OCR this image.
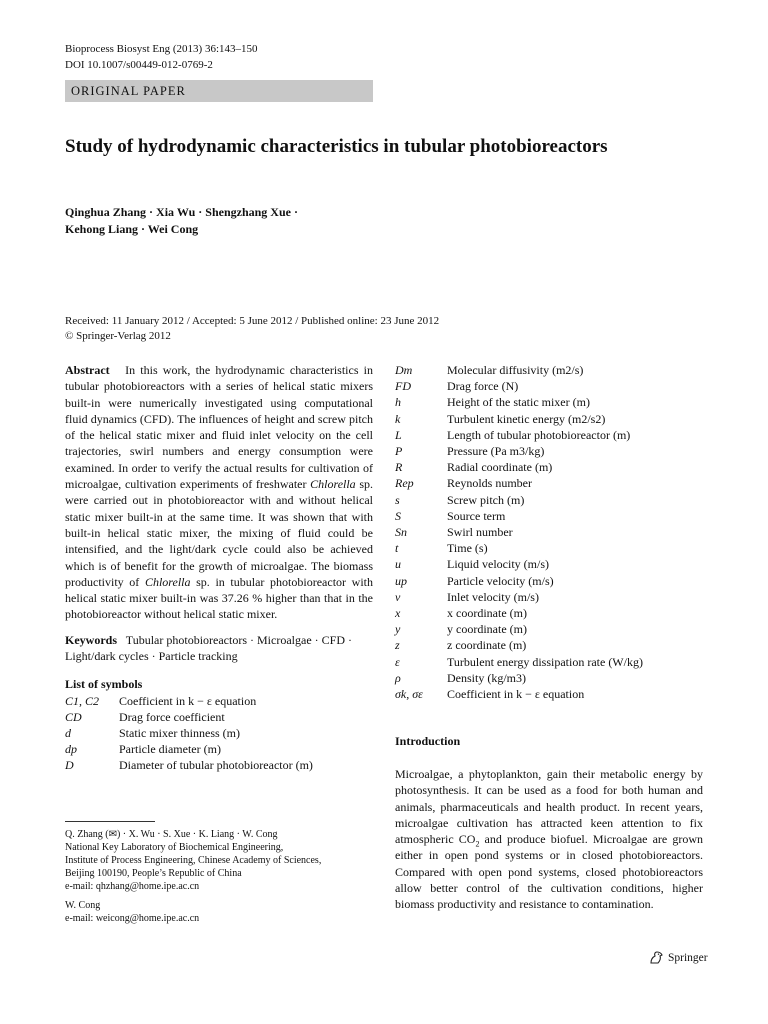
Bioprocess Biosyst Eng (2013) 36:143–150
DOI 10.1007/s00449-012-0769-2
ORIGINAL PAPER
Study of hydrodynamic characteristics in tubular photobioreactors
Qinghua Zhang · Xia Wu · Shengzhang Xue ·
Kehong Liang · Wei Cong
Received: 11 January 2012 / Accepted: 5 June 2012 / Published online: 23 June 2012
© Springer-Verlag 2012

Abstract In this work, the hydrodynamic characteristics in tubular photobioreactors with a series of helical static mixers built-in were numerically investigated using computational fluid dynamics (CFD). The influences of height and screw pitch of the helical static mixer and fluid inlet velocity on the cell trajectories, swirl numbers and energy consumption were examined. In order to verify the actual results for cultivation of microalgae, cultivation experiments of freshwater Chlorella sp. were carried out in photobioreactor with and without helical static mixer built-in at the same time. It was shown that with built-in helical static mixer, the mixing of fluid could be intensified, and the light/dark cycle could also be achieved which is of benefit for the growth of microalgae. The biomass productivity of Chlorella sp. in tubular photobioreactor with helical static mixer built-in was 37.26 % higher than that in the photobioreactor without helical static mixer.

Keywords Tubular photobioreactors · Microalgae · CFD · Light/dark cycles · Particle tracking

List of symbols
C1, C2	Coefficient in k − ε equation
CD	Drag force coefficient
d	Static mixer thinness (m)
dp	Particle diameter (m)
D	Diameter of tubular photobioreactor (m)

Q. Zhang (✉) · X. Wu · S. Xue · K. Liang · W. Cong
National Key Laboratory of Biochemical Engineering,
Institute of Process Engineering, Chinese Academy of Sciences,
Beijing 100190, People’s Republic of China
e-mail: qhzhang@home.ipe.ac.cn

W. Cong
e-mail: weicong@home.ipe.ac.cn

Dm	Molecular diffusivity (m2/s)
FD	Drag force (N)
h	Height of the static mixer (m)
k	Turbulent kinetic energy (m2/s2)
L	Length of tubular photobioreactor (m)
P	Pressure (Pa m3/kg)
R	Radial coordinate (m)
Rep	Reynolds number
s	Screw pitch (m)
S	Source term
Sn	Swirl number
t	Time (s)
u	Liquid velocity (m/s)
up	Particle velocity (m/s)
v	Inlet velocity (m/s)
x	x coordinate (m)
y	y coordinate (m)
z	z coordinate (m)
ε	Turbulent energy dissipation rate (W/kg)
ρ	Density (kg/m3)
σk, σε	Coefficient in k − ε equation
Introduction

Microalgae, a phytoplankton, gain their metabolic energy by photosynthesis. It can be used as a food for both human and animals, pharmaceuticals and health product. In recent years, microalgae cultivation has attracted keen attention to fix atmospheric $CO_2$ and produce biofuel. Microalgae are grown either in open pond systems or in closed photobioreactors. Compared with open pond systems, closed photobioreactors allow better control of the cultivation conditions, higher biomass productivity and resistance to contamination.

Springer
